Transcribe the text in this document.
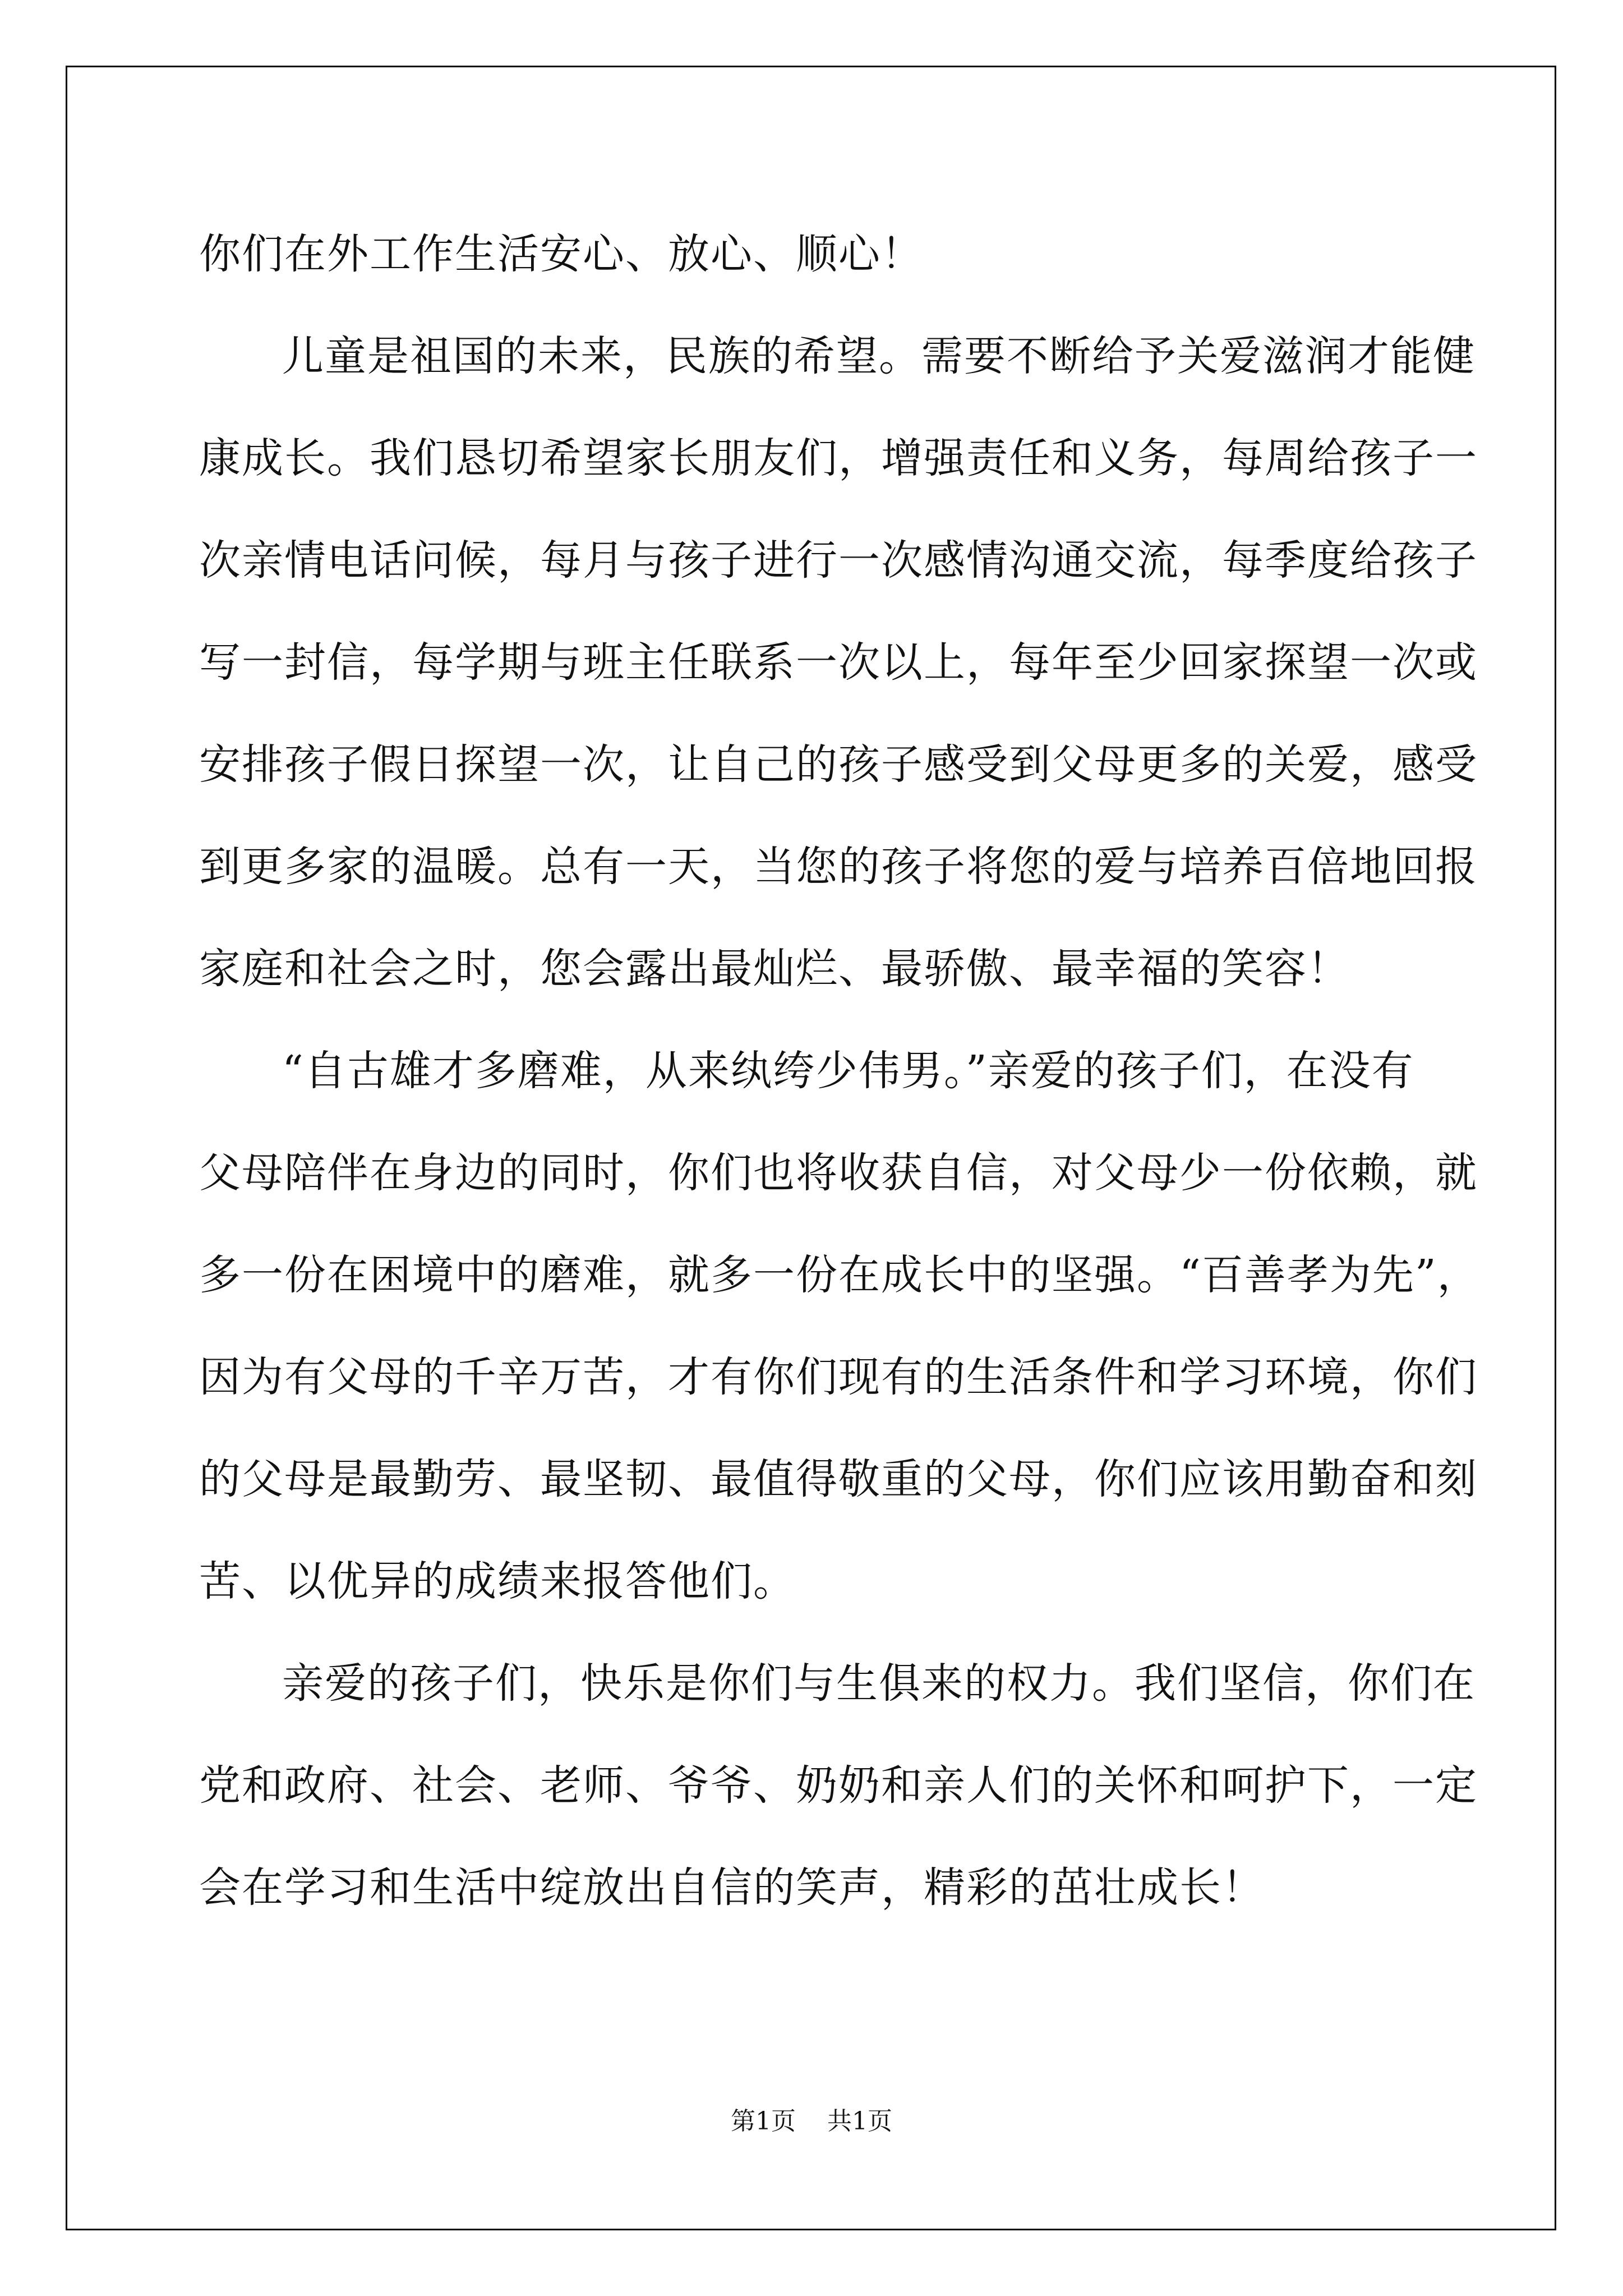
你们在外工作生活安心、放心、顺心！
儿童是祖国的未来，民族的希望。需要不断给予关爱滋润才能健
康成长。我们恳切希望家长朋友们，增强责任和义务，每周给孩子一
次亲情电话问候，每月与孩子进行一次感情沟通交流，每季度给孩子
写一封信，每学期与班主任联系一次以上，每年至少回家探望一次或
安排孩子假日探望一次，让自己的孩子感受到父母更多的关爱，感受
到更多家的温暖。总有一天，当您的孩子将您的爱与培养百倍地回报
家庭和社会之时，您会露出最灿烂、最骄傲、最幸福的笑容！
“自古雄才多磨难，从来纨绔少伟男。”亲爱的孩子们，在没有
父母陪伴在身边的同时，你们也将收获自信，对父母少一份依赖，就
多一份在困境中的磨难，就多一份在成长中的坚强。“百善孝为先”，
因为有父母的千辛万苦，才有你们现有的生活条件和学习环境，你们
的父母是最勤劳、最坚韧、最值得敬重的父母，你们应该用勤奋和刻
苦、以优异的成绩来报答他们。
亲爱的孩子们，快乐是你们与生俱来的权力。我们坚信，你们在
党和政府、社会、老师、爷爷、奶奶和亲人们的关怀和呵护下，一定
会在学习和生活中绽放出自信的笑声，精彩的茁壮成长！
第1页 共1页
